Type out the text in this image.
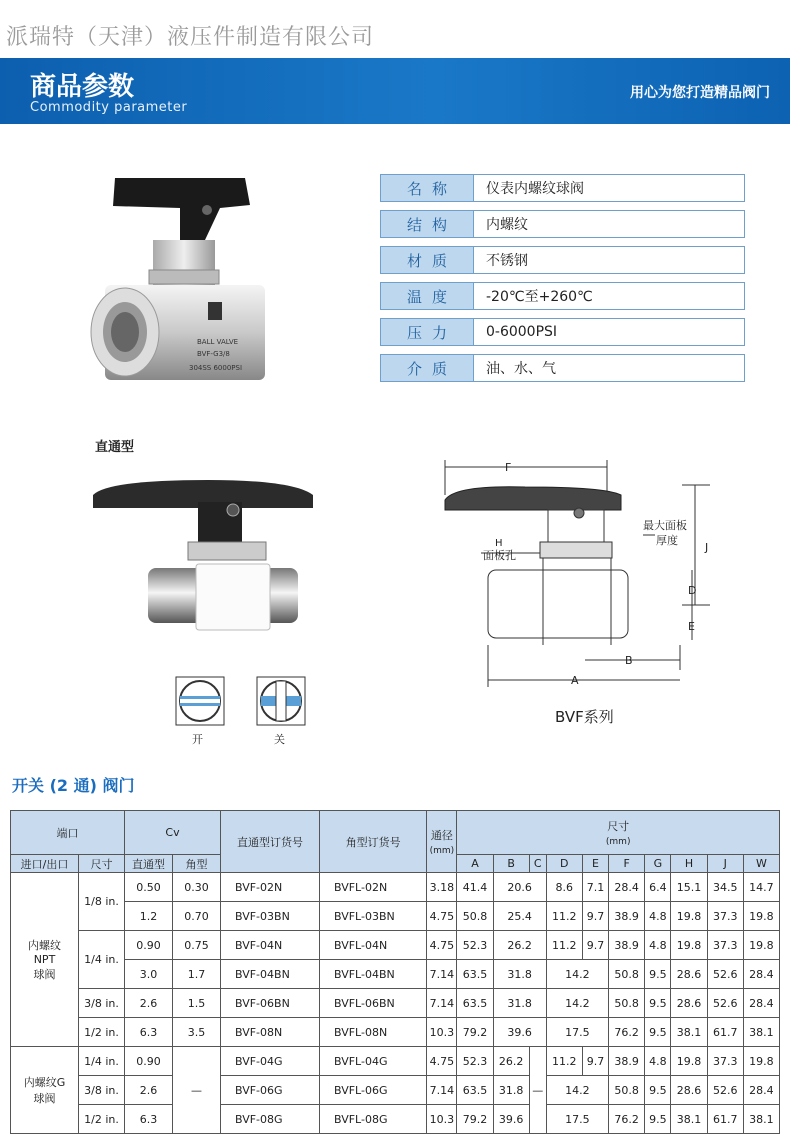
派瑞特（天津）液压件制造有限公司
商品参数
Commodity parameter
用心为您打造精品阀门
BALL VALVE
BVF-G3/8
304SS 6000PSI
名称	仪表内螺纹球阀
结构	内螺纹
材质	不锈钢
温度	-20℃至+260℃
压力	0-6000PSI
介质	油、水、气
直通型
开	关
F
H
面板孔
最大面板
厚度
J
D
E
B
A
BVF系列
开关 (2 通) 阀门
端口		Cv		直通型订货号	角型订货号	通径
(mm)	尺寸
(mm)									
进口/出口	尺寸	直通型	角型				A	B	C	D	E	F	G	H	J	W
内螺纹
NPT
球阀	1/8 in.	0.50	0.30	BVF-02N	BVFL-02N	3.18	41.4	20.6		8.6	7.1	28.4	6.4	15.1	34.5	14.7
		1.2	0.70	BVF-03BN	BVFL-03BN	4.75	50.8	25.4		11.2	9.7	38.9	4.8	19.8	37.3	19.8
	1/4 in.	0.90	0.75	BVF-04N	BVFL-04N	4.75	52.3	26.2		11.2	9.7	38.9	4.8	19.8	37.3	19.8
		3.0	1.7	BVF-04BN	BVFL-04BN	7.14	63.5	31.8		14.2		50.8	9.5	28.6	52.6	28.4
	3/8 in.	2.6	1.5	BVF-06BN	BVFL-06BN	7.14	63.5	31.8		14.2		50.8	9.5	28.6	52.6	28.4
	1/2 in.	6.3	3.5	BVF-08N	BVFL-08N	10.3	79.2	39.6		17.5		76.2	9.5	38.1	61.7	38.1
内螺纹G
球阀	1/4 in.	0.90	—	BVF-04G	BVFL-04G	4.75	52.3	26.2	—	11.2	9.7	38.9	4.8	19.8	37.3	19.8
	3/8 in.	2.6		BVF-06G	BVFL-06G	7.14	63.5	31.8		14.2		50.8	9.5	28.6	52.6	28.4
	1/2 in.	6.3		BVF-08G	BVFL-08G	10.3	79.2	39.6		17.5		76.2	9.5	38.1	61.7	38.1
